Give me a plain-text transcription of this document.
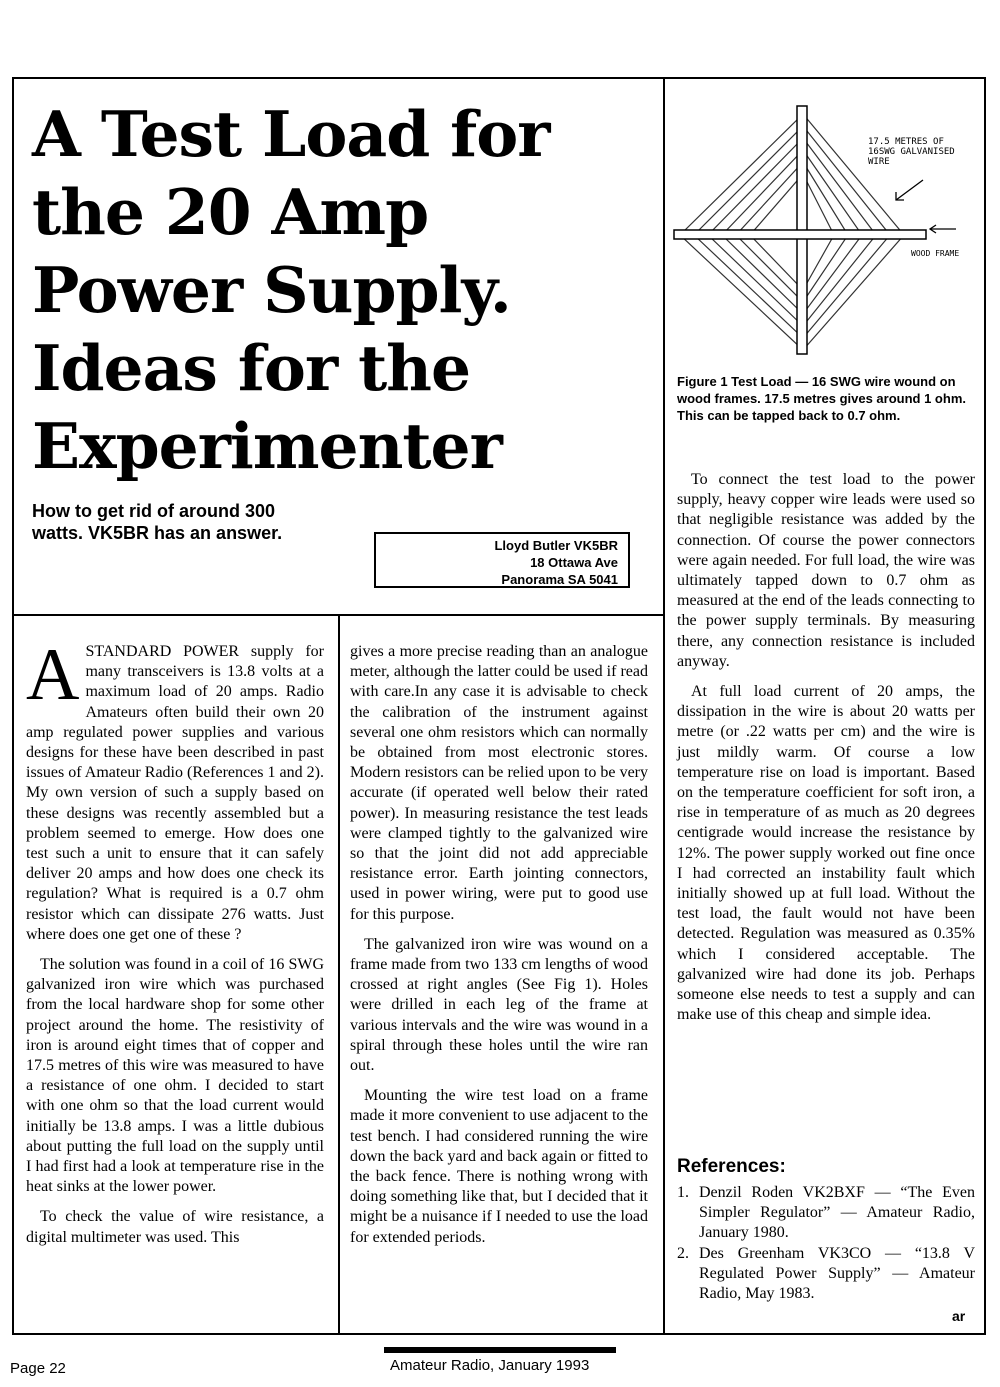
A Test Load for
the 20 Amp
Power Supply.
Ideas for the
Experimenter
How to get rid of around 300
watts. VK5BR has an answer.
Lloyd Butler VK5BR
18 Ottawa Ave
Panorama SA 5041
17.5 METRES OF
16SWG GALVANISED
WIRE
WOOD FRAME
Figure 1 Test Load — 16 SWG wire wound on wood frames. 17.5 metres gives around 1 ohm. This can be tapped back to 0.7 ohm.

ASTANDARD POWER supply for many transceivers is 13.8 volts at a maximum load of 20 amps. Radio Amateurs often build their own 20 amp regulated power supplies and various designs for these have been described in past issues of Amateur Radio (References 1 and 2). My own version of such a supply based on these designs was recently assembled but a problem seemed to emerge. How does one test such a unit to ensure that it can safely deliver 20 amps and how does one check its regulation? What is required is a 0.7 ohm resistor which can dissipate 276 watts. Just where does one get one of these ?

The solution was found in a coil of 16 SWG galvanized iron wire which was purchased from the local hardware shop for some other project around the home. The resistivity of iron is around eight times that of copper and 17.5 metres of this wire was measured to have a resistance of one ohm. I decided to start with one ohm so that the load current would initially be 13.8 amps. I was a little dubious about putting the full load on the supply until I had first had a look at temperature rise in the heat sinks at the lower power.

To check the value of wire resistance, a digital multimeter was used. This

gives a more precise reading than an analogue meter, although the latter could be used if read with care.In any case it is advisable to check the calibration of the instrument against several one ohm resistors which can normally be obtained from most electronic stores. Modern resistors can be relied upon to be very accurate (if operated well below their rated power). In measuring resistance the test leads were clamped tightly to the galvanized wire so that the joint did not add appreciable resistance error. Earth jointing connectors, used in power wiring, were put to good use for this purpose.

The galvanized iron wire was wound on a frame made from two 133 cm lengths of wood crossed at right angles (See Fig 1). Holes were drilled in each leg of the frame at various intervals and the wire was wound in a spiral through these holes until the wire ran out.

Mounting the wire test load on a frame made it more convenient to use adjacent to the test bench. I had considered running the wire down the back yard and back again or fitted to the back fence. There is nothing wrong with doing something like that, but I decided that it might be a nuisance if I needed to use the load for extended periods.

To connect the test load to the power supply, heavy copper wire leads were used so that negligible resistance was added by the connection. Of course the power connectors were again needed. For full load, the wire was ultimately tapped down to 0.7 ohm as measured at the end of the leads connecting to the power supply terminals. By measuring there, any connection resistance is included anyway.

At full load current of 20 amps, the dissipation in the wire is about 20 watts per metre (or .22 watts per cm) and the wire is just mildly warm. Of course a low temperature rise on load is important. Based on the temperature coefficient for soft iron, a rise in temperature of as much as 20 degrees centigrade would increase the resistance by 12%. The power supply worked out fine once I had corrected an instability fault which initially showed up at full load. Without the test load, the fault would not have been detected. Regulation was measured as 0.35% which I considered acceptable. The galvanized wire had done its job. Perhaps someone else needs to test a supply and can make use of this cheap and simple idea.

References:
1. Denzil Roden VK2BXF — “The Even Simpler Regulator” — Amateur Radio, January 1980.
2. Des Greenham VK3CO — “13.8 V Regulated Power Supply” — Amateur Radio, May 1983.
ar
Page 22	Amateur Radio, January 1993
